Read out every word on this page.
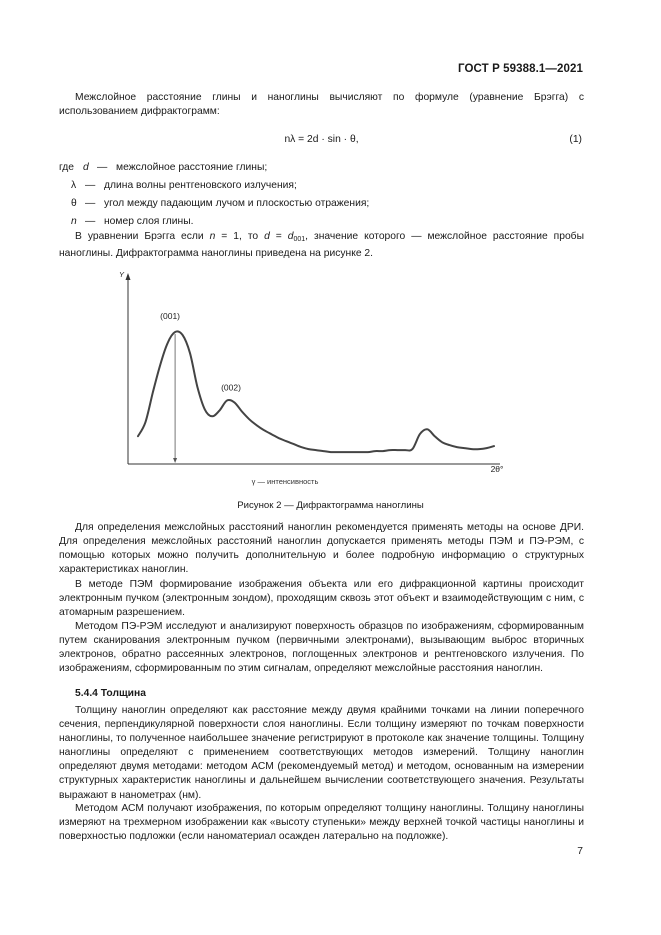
ГОСТ Р 59388.1—2021
Межслойное расстояние глины и наноглины вычисляют по формуле (уравнение Брэгга) с использованием дифрактограмм:
nλ = 2d · sin · θ,	(1)
где d — межслойное расстояние глины;
λ — длина волны рентгеновского излучения;
θ — угол между падающим лучом и плоскостью отражения;
n — номер слоя глины.
В уравнении Брэгга если n = 1, то $d = d_{001}$, значение которого — межслойное расстояние пробы наноглины. Дифрактограмма наноглины приведена на рисунке 2.
Y
2θ°
(001)
(002)
γ — интенсивность
Рисунок 2 — Дифрактограмма наноглины
Для определения межслойных расстояний наноглин рекомендуется применять методы на основе ДРИ. Для определения межслойных расстояний наноглин допускается применять методы ПЭМ и ПЭ-РЭМ, с помощью которых можно получить дополнительную и более подробную информацию о структурных характеристиках наноглин.
В методе ПЭМ формирование изображения объекта или его дифракционной картины происходит электронным пучком (электронным зондом), проходящим сквозь этот объект и взаимодействующим с ним, с атомарным разрешением.
Методом ПЭ-РЭМ исследуют и анализируют поверхность образцов по изображениям, сформированным путем сканирования электронным пучком (первичными электронами), вызывающим выброс вторичных электронов, обратно рассеянных электронов, поглощенных электронов и рентгеновского излучения. По изображениям, сформированным по этим сигналам, определяют межслойные расстояния наноглин.
5.4.4 Толщина
Толщину наноглин определяют как расстояние между двумя крайними точками на линии поперечного сечения, перпендикулярной поверхности слоя наноглины. Если толщину измеряют по точкам поверхности наноглины, то полученное наибольшее значение регистрируют в протоколе как значение толщины. Толщину наноглины определяют с применением соответствующих методов измерений. Толщину наноглин определяют двумя методами: методом АСМ (рекомендуемый метод) и методом, основанным на измерении структурных характеристик наноглины и дальнейшем вычислении соответствующего значения. Результаты выражают в нанометрах (нм).
Методом АСМ получают изображения, по которым определяют толщину наноглины. Толщину наноглины измеряют на трехмерном изображении как «высоту ступеньки» между верхней точкой частицы наноглины и поверхностью подложки (если наноматериал осажден латерально на подложке).
7
